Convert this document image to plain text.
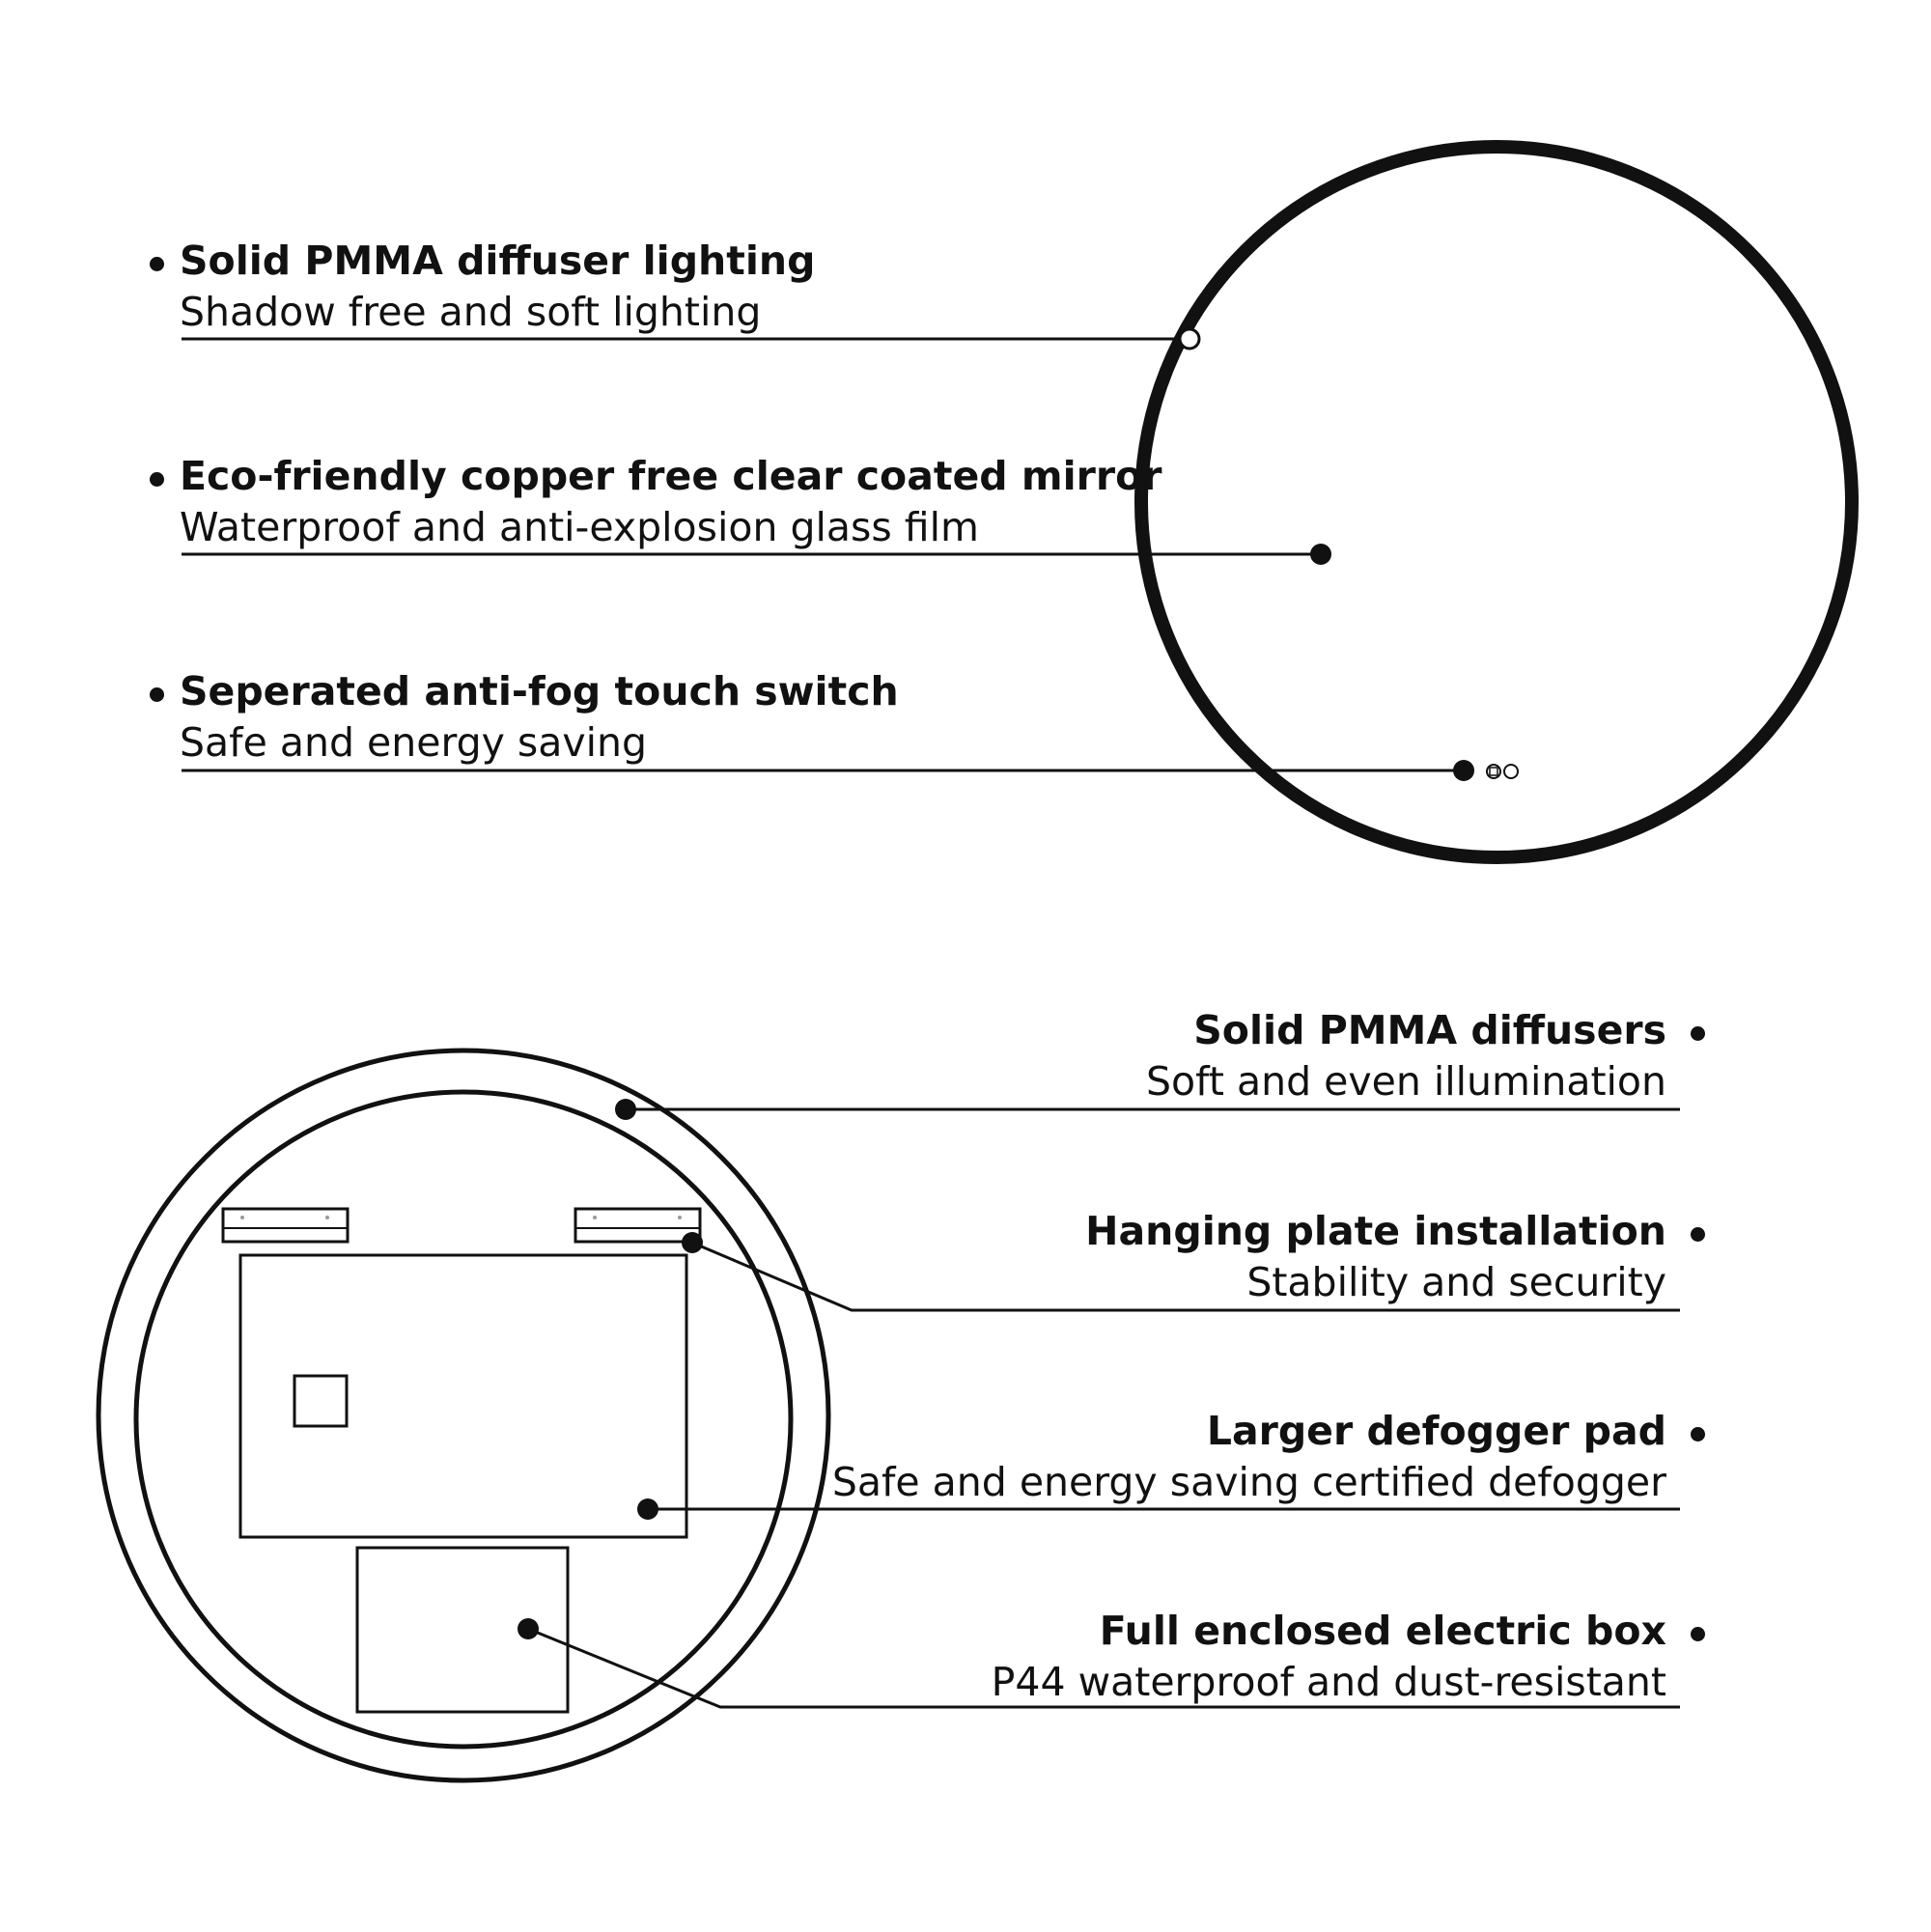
Solid PMMA diffuser lighting
Shadow free and soft lighting
Eco-friendly copper free clear coated mirror
Waterproof and anti-explosion glass film
Seperated anti-fog touch switch
Safe and energy saving
Solid PMMA diffusers
Soft and even illumination
Hanging plate installation
Stability and security
Larger defogger pad
Safe and energy saving certified defogger
Full enclosed electric box
P44 waterproof and dust-resistant
